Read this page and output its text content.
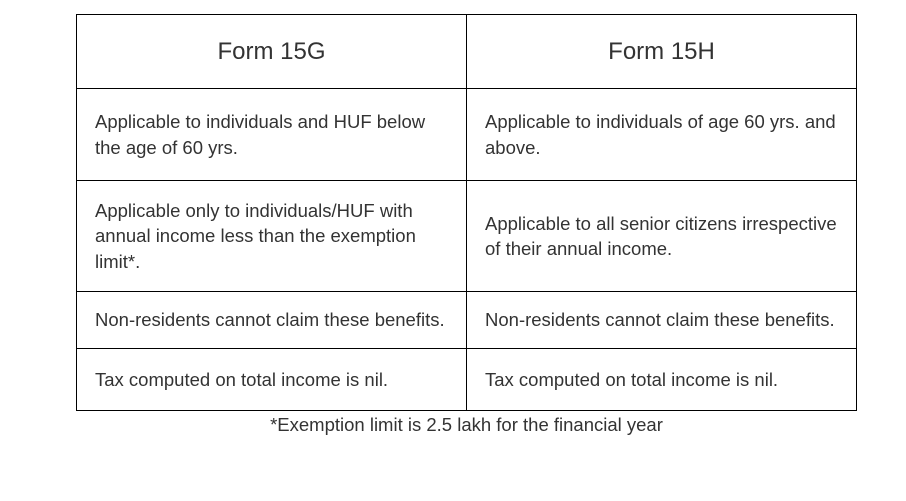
Form 15G	Form 15H
Applicable to individuals and HUF below the age of 60 yrs.	Applicable to individuals of age 60 yrs. and above.
Applicable only to individuals/HUF with annual income less than the exemption limit*.	Applicable to all senior citizens irrespective of their annual income.
Non-residents cannot claim these benefits.	Non-residents cannot claim these benefits.
Tax computed on total income is nil.	Tax computed on total income is nil.
*Exemption limit is 2.5 lakh for the financial year
